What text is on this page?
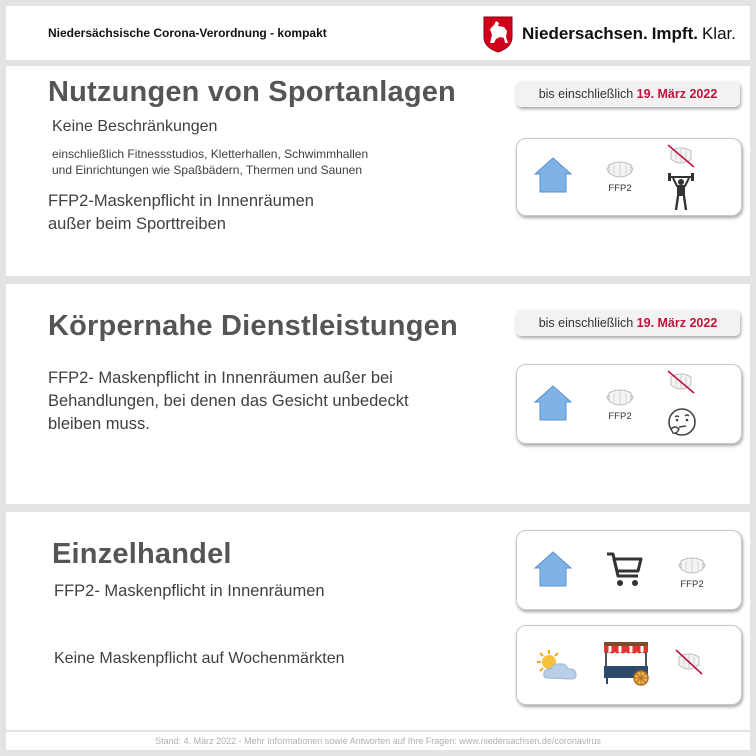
Niedersächsische Corona-Verordnung - kompakt	Niedersachsen. Impft. Klar.
Nutzungen von Sportanlagen
Keine Beschränkungen
einschließlich Fitnessstudios, Kletterhallen, Schwimmhallen
und Einrichtungen wie Spaßbädern, Thermen und Saunen
FFP2-Maskenpflicht in Innenräumen
außer beim Sporttreiben
bis einschließlich 19. März 2022
FFP2
Körpernahe Dienstleistungen
FFP2- Maskenpflicht in Innenräumen außer bei
Behandlungen, bei denen das Gesicht unbedeckt
bleiben muss.
bis einschließlich 19. März 2022
FFP2
Einzelhandel
FFP2- Maskenpflicht in Innenräumen
Keine Maskenpflicht auf Wochenmärkten
FFP2
Stand: 4. März 2022 - Mehr Informationen sowie Antworten auf Ihre Fragen: www.niedersachsen.de/coronavirus
